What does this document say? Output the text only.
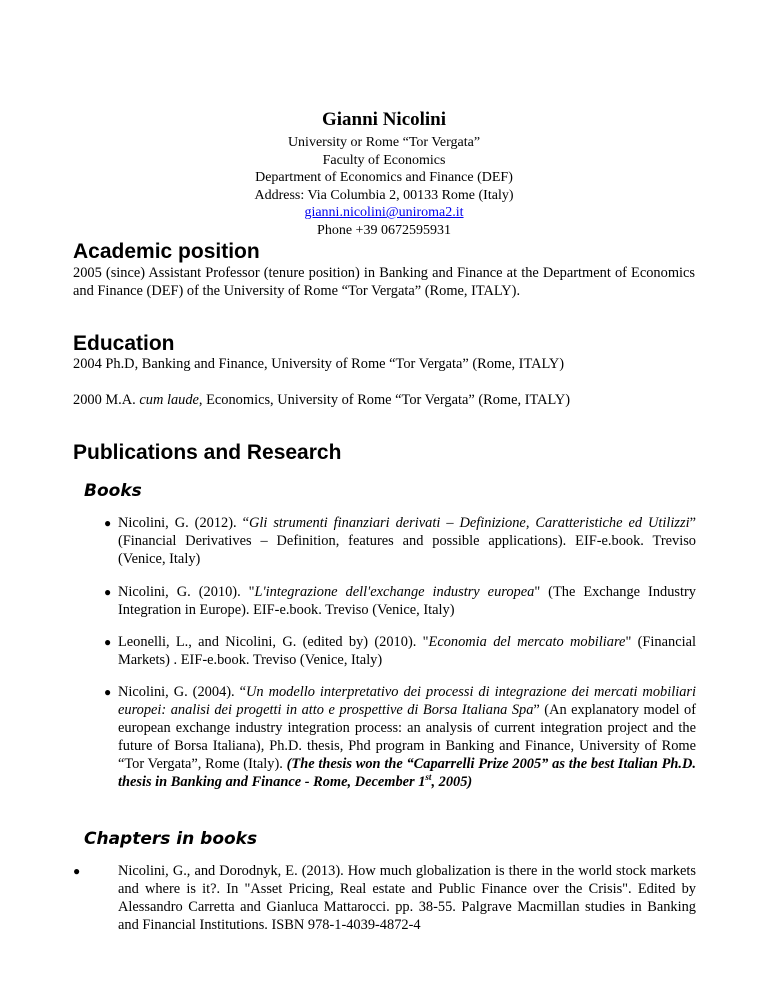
Gianni Nicolini
University or Rome “Tor Vergata”
Faculty of Economics
Department of Economics and Finance (DEF)
Address: Via Columbia 2, 00133 Rome (Italy)
gianni.nicolini@uniroma2.it
Phone +39 0672595931
Academic position
2005 (since) Assistant Professor (tenure position) in Banking and Finance at the Department of Economics and Finance (DEF) of the University of Rome “Tor Vergata” (Rome, ITALY).
Education
2004 Ph.D, Banking and Finance, University of Rome “Tor Vergata” (Rome, ITALY)
2000 M.A. cum laude, Economics, University of Rome “Tor Vergata” (Rome, ITALY)
Publications and Research
Books
● Nicolini, G. (2012). “Gli strumenti finanziari derivati – Definizione, Caratteristiche ed Utilizzi” (Financial Derivatives – Definition, features and possible applications). EIF-e.book. Treviso (Venice, Italy)
● Nicolini, G. (2010). "L'integrazione dell'exchange industry europea" (The Exchange Industry Integration in Europe). EIF-e.book. Treviso (Venice, Italy)
● Leonelli, L., and Nicolini, G. (edited by) (2010). "Economia del mercato mobiliare" (Financial Markets) . EIF-e.book. Treviso (Venice, Italy)
● Nicolini, G. (2004). “Un modello interpretativo dei processi di integrazione dei mercati mobiliari europei: analisi dei progetti in atto e prospettive di Borsa Italiana Spa” (An explanatory model of european exchange industry integration process: an analysis of current integration project and the future of Borsa Italiana), Ph.D. thesis, Phd program in Banking and Finance, University of Rome “Tor Vergata”, Rome (Italy). (The thesis won the “Caparrelli Prize 2005” as the best Italian Ph.D. thesis in Banking and Finance - Rome, December 1st, 2005)
Chapters in books
●	Nicolini, G., and Dorodnyk, E. (2013). How much globalization is there in the world stock markets and where is it?. In "Asset Pricing, Real estate and Public Finance over the Crisis". Edited by Alessandro Carretta and Gianluca Mattarocci. pp. 38-55. Palgrave Macmillan studies in Banking and Financial Institutions. ISBN 978-1-4039-4872-4
